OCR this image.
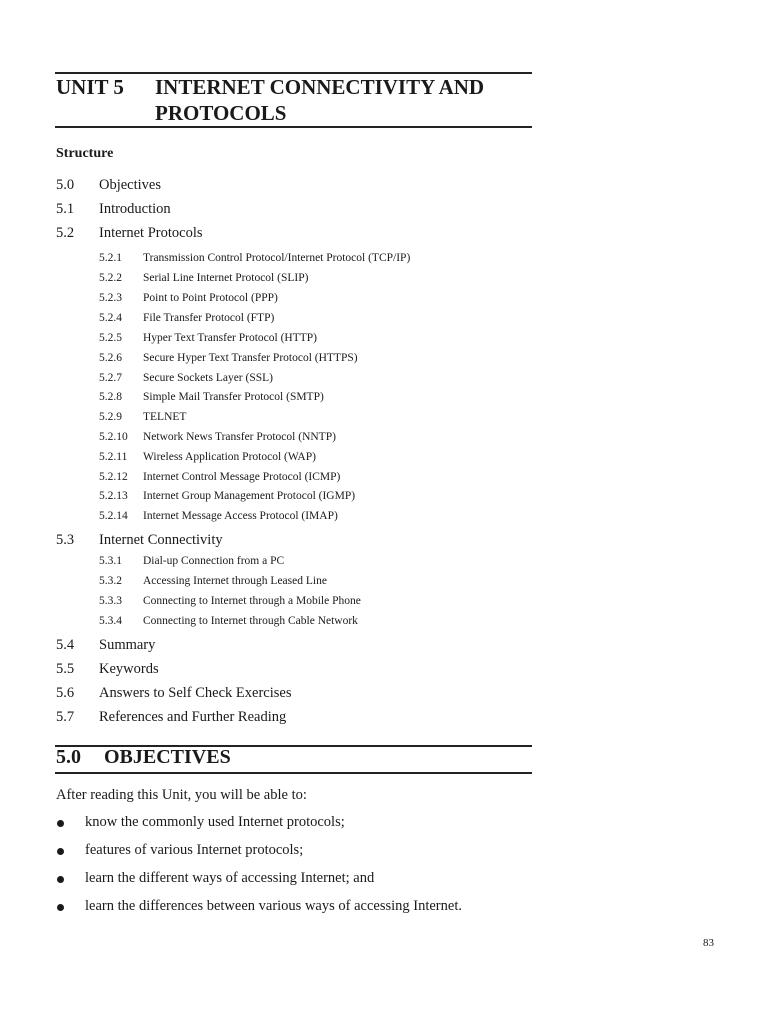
UNIT 5 INTERNET CONNECTIVITY AND PROTOCOLS
Structure
5.0 Objectives
5.1 Introduction
5.2 Internet Protocols
5.2.1 Transmission Control Protocol/Internet Protocol (TCP/IP)
5.2.2 Serial Line Internet Protocol (SLIP)
5.2.3 Point to Point Protocol (PPP)
5.2.4 File Transfer Protocol (FTP)
5.2.5 Hyper Text Transfer Protocol (HTTP)
5.2.6 Secure Hyper Text Transfer Protocol (HTTPS)
5.2.7 Secure Sockets Layer (SSL)
5.2.8 Simple Mail Transfer Protocol (SMTP)
5.2.9 TELNET
5.2.10 Network News Transfer Protocol (NNTP)
5.2.11 Wireless Application Protocol (WAP)
5.2.12 Internet Control Message Protocol (ICMP)
5.2.13 Internet Group Management Protocol (IGMP)
5.2.14 Internet Message Access Protocol (IMAP)
5.3 Internet Connectivity
5.3.1 Dial-up Connection from a PC
5.3.2 Accessing Internet through Leased Line
5.3.3 Connecting to Internet through a Mobile Phone
5.3.4 Connecting to Internet through Cable Network
5.4 Summary
5.5 Keywords
5.6 Answers to Self Check Exercises
5.7 References and Further Reading
5.0 OBJECTIVES
After reading this Unit, you will be able to:
know the commonly used Internet protocols;
features of various Internet protocols;
learn the different ways of accessing Internet; and
learn the differences between various ways of accessing Internet.
83
